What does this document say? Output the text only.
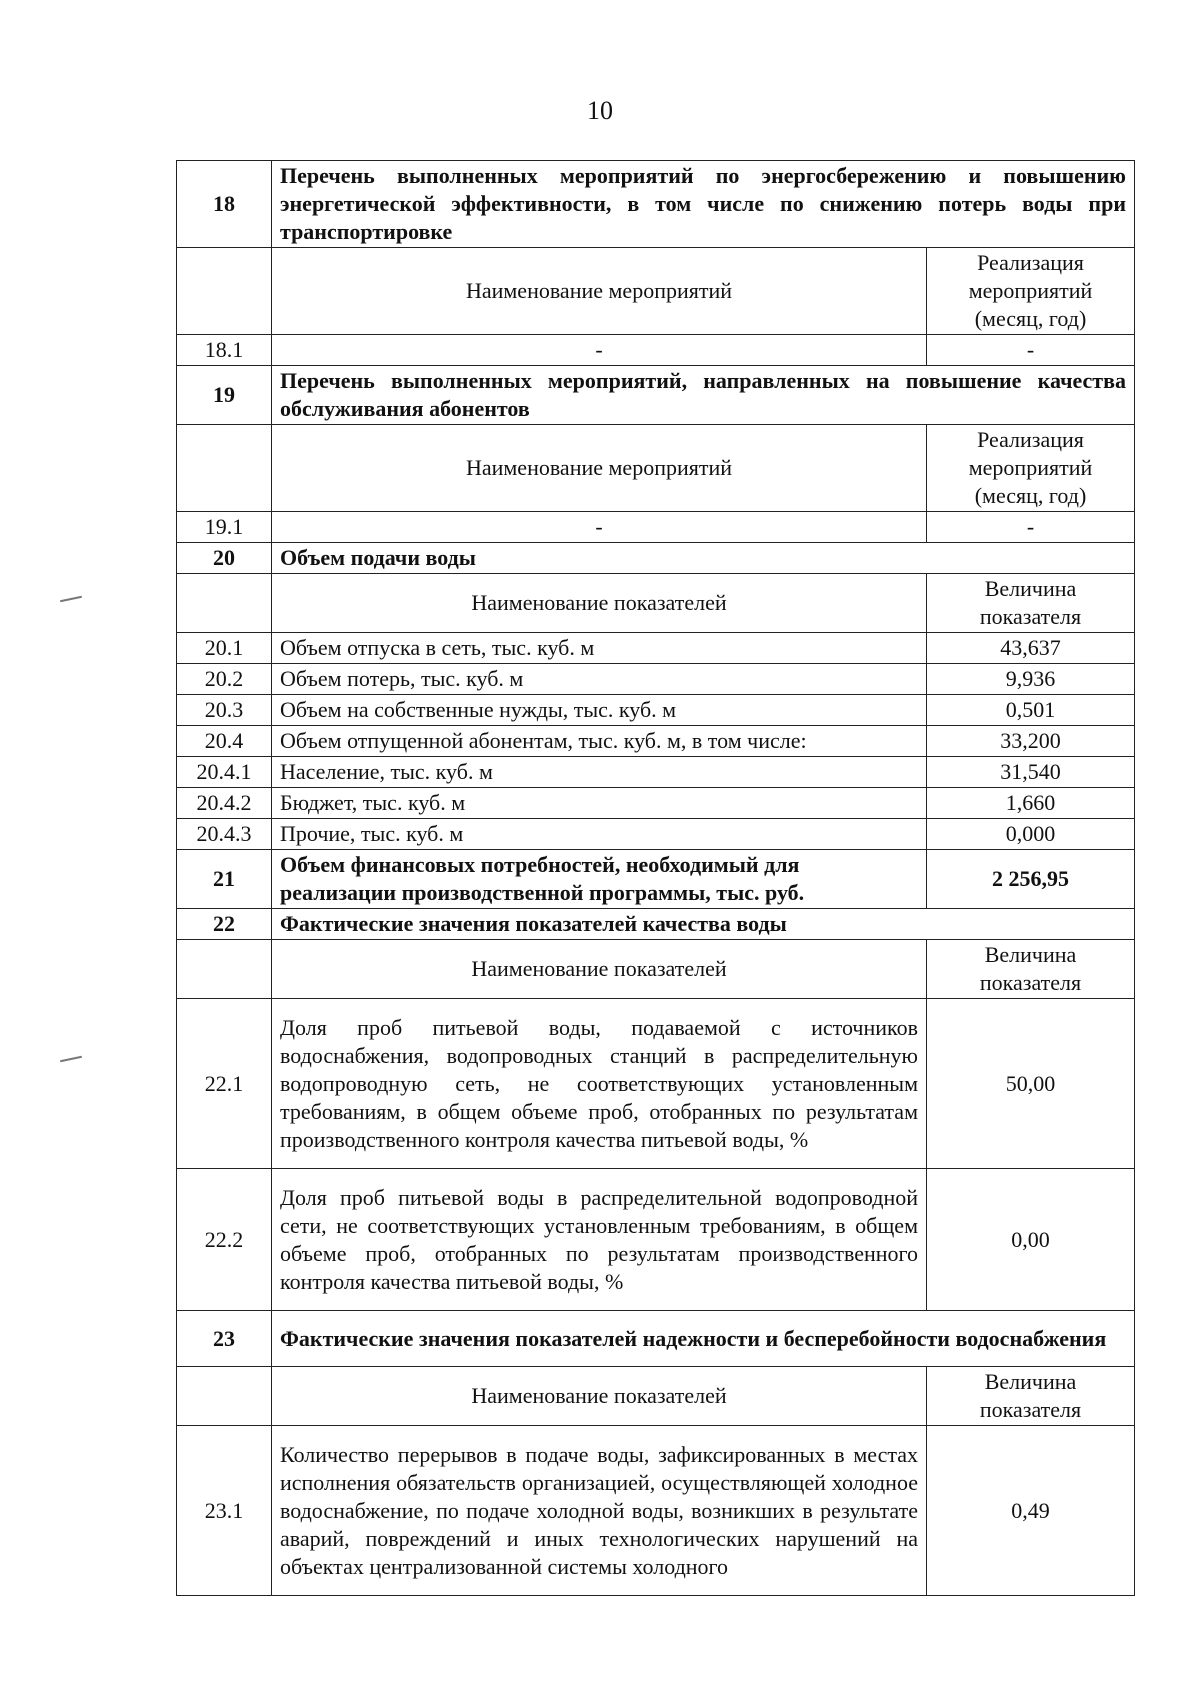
10
18	Перечень выполненных мероприятий по энергосбережению и повышению энергетической эффективности, в том числе по снижению потерь воды при транспортировке	
	Наименование мероприятий	Реализация мероприятий (месяц, год)
18.1	-	-
19	Перечень выполненных мероприятий, направленных на повышение качества обслуживания абонентов	
	Наименование мероприятий	Реализация мероприятий (месяц, год)
19.1	-	-
20	Объем подачи воды	
	Наименование показателей	Величина показателя
20.1	Объем отпуска в сеть, тыс. куб. м	43,637
20.2	Объем потерь, тыс. куб. м	9,936
20.3	Объем на собственные нужды, тыс. куб. м	0,501
20.4	Объем отпущенной абонентам, тыс. куб. м, в том числе:	33,200
20.4.1	Население, тыс. куб. м	31,540
20.4.2	Бюджет, тыс. куб. м	1,660
20.4.3	Прочие, тыс. куб. м	0,000
21	Объем финансовых потребностей, необходимый для реализации производственной программы, тыс. руб.	2 256,95
22	Фактические значения показателей качества воды	
	Наименование показателей	Величина показателя
22.1	Доля проб питьевой воды, подаваемой с источников водоснабжения, водопроводных станций в распределительную водопроводную сеть, не соответствующих установленным требованиям, в общем объеме проб, отобранных по результатам производственного контроля качества питьевой воды, %	50,00
22.2	Доля проб питьевой воды в распределительной водопроводной сети, не соответствующих установленным требованиям, в общем объеме проб, отобранных по результатам производственного контроля качества питьевой воды, %	0,00
23	Фактические значения показателей надежности и бесперебойности водоснабжения	
	Наименование показателей	Величина показателя
23.1	Количество перерывов в подаче воды, зафиксированных в местах исполнения обязательств организацией, осуществляющей холодное водоснабжение, по подаче холодной воды, возникших в результате аварий, повреждений и иных технологических нарушений на объектах централизованной системы холодного	0,49
